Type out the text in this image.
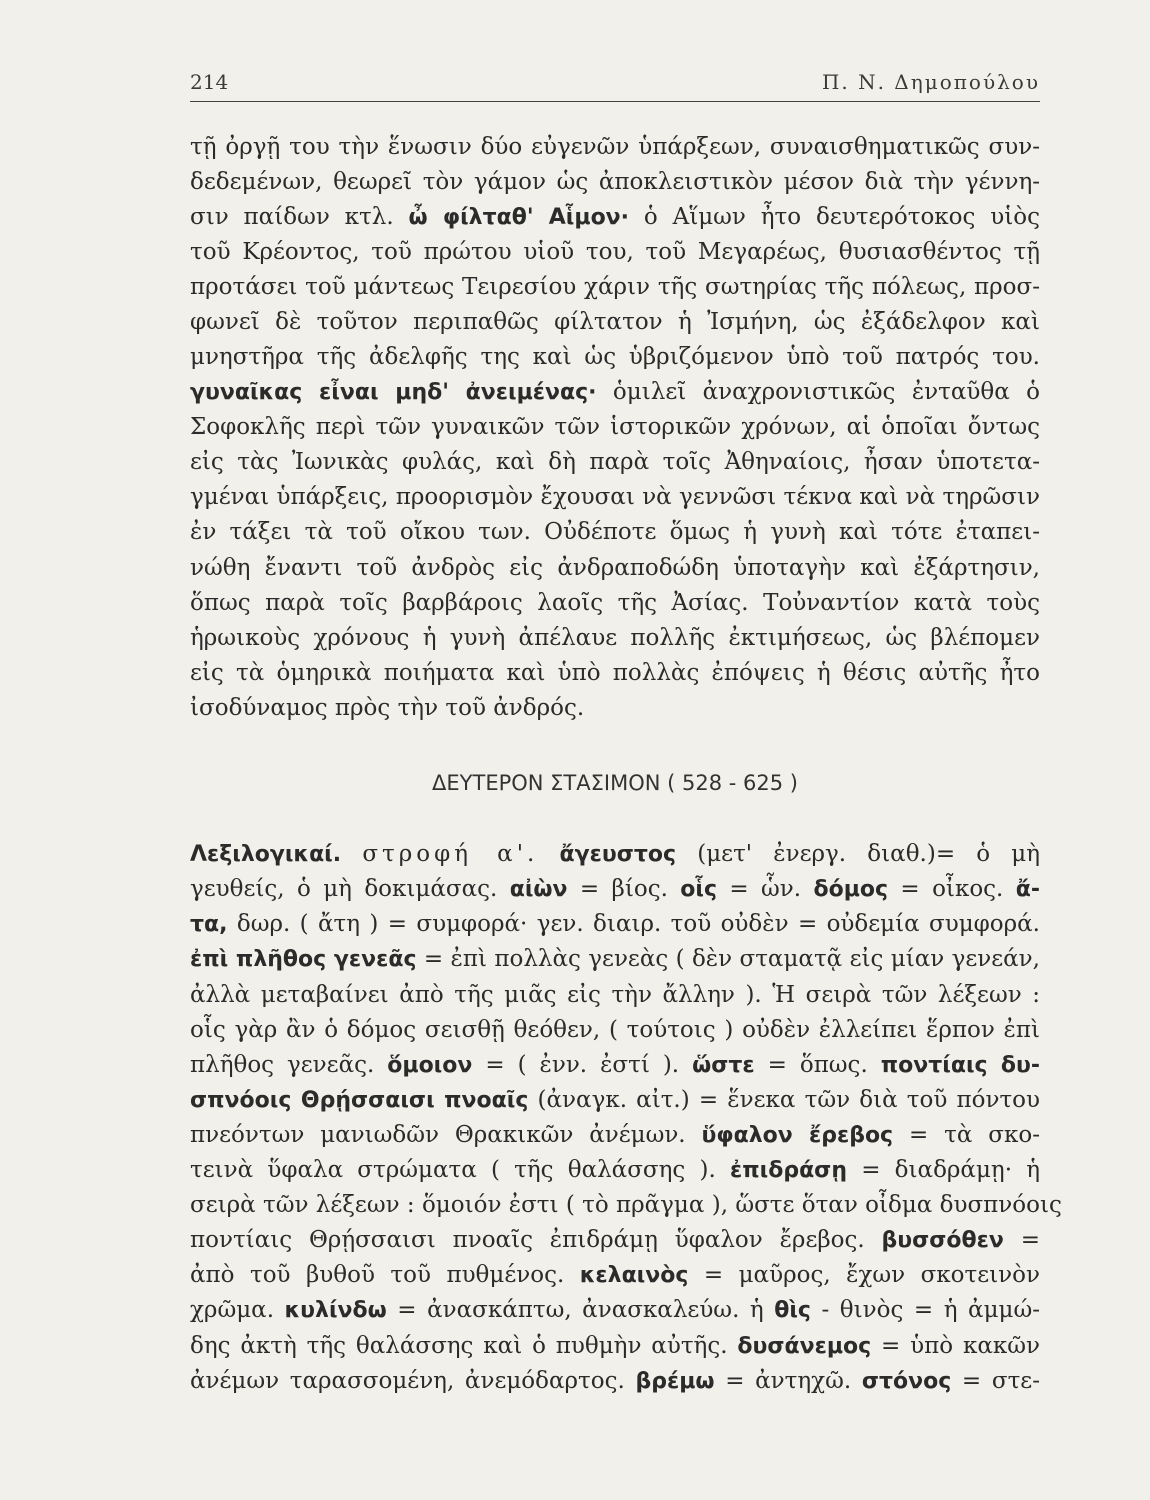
214	Π. Ν. Δημοπούλου
τῇ ὀργῇ του τὴν ἕνωσιν δύο εὐγενῶν ὑπάρξεων, συναισθηματικῶς συν-
δεδεμένων, θεωρεῖ τὸν γάμον ὡς ἀποκλειστικὸν μέσον διὰ τὴν γέννη-
σιν παίδων κτλ. ὦ φίλταθ' Αἷμον· ὁ Αἵμων ἦτο δευτερότοκος υἱὸς
τοῦ Κρέοντος, τοῦ πρώτου υἱοῦ του, τοῦ Μεγαρέως, θυσιασθέντος τῇ
προτάσει τοῦ μάντεως Τειρεσίου χάριν τῆς σωτηρίας τῆς πόλεως, προσ-
φωνεῖ δὲ τοῦτον περιπαθῶς φίλτατον ἡ Ἰσμήνη, ὡς ἐξάδελφον καὶ
μνηστῆρα τῆς ἀδελφῆς της καὶ ὡς ὑβριζόμενον ὑπὸ τοῦ πατρός του.
γυναῖκας εἶναι μηδ' ἀνειμένας· ὁμιλεῖ ἀναχρονιστικῶς ἐνταῦθα ὁ
Σοφοκλῆς περὶ τῶν γυναικῶν τῶν ἱστορικῶν χρόνων, αἱ ὁποῖαι ὄντως
εἰς τὰς Ἰωνικὰς φυλάς, καὶ δὴ παρὰ τοῖς Ἀθηναίοις, ἦσαν ὑποτετα-
γμέναι ὑπάρξεις, προορισμὸν ἔχουσαι νὰ γεννῶσι τέκνα καὶ νὰ τηρῶσιν
ἐν τάξει τὰ τοῦ οἴκου των. Οὐδέποτε ὅμως ἡ γυνὴ καὶ τότε ἐταπει-
νώθη ἔναντι τοῦ ἀνδρὸς εἰς ἀνδραποδώδη ὑποταγὴν καὶ ἐξάρτησιν,
ὅπως παρὰ τοῖς βαρβάροις λαοῖς τῆς Ἀσίας. Τοὐναντίον κατὰ τοὺς
ἡρωικοὺς χρόνους ἡ γυνὴ ἀπέλαυε πολλῆς ἐκτιμήσεως, ὡς βλέπομεν
εἰς τὰ ὁμηρικὰ ποιήματα καὶ ὑπὸ πολλὰς ἐπόψεις ἡ θέσις αὐτῆς ἦτο
ἰσοδύναμος πρὸς τὴν τοῦ ἀνδρός.
Λεξιλογικαί. στροφή α'. ἄγευστος (μετ' ἐνεργ. διαθ.)= ὁ μὴ
γευθείς, ὁ μὴ δοκιμάσας. αἰὼν = βίος. οἷς = ὧν. δόμος = οἶκος. ἄ-
τα, δωρ. ( ἄτη ) = συμφορά· γεν. διαιρ. τοῦ οὐδὲν = οὐδεμία συμφορά.
ἐπὶ πλῆθος γενεᾶς = ἐπὶ πολλὰς γενεὰς ( δὲν σταματᾷ εἰς μίαν γενεάν,
ἀλλὰ μεταβαίνει ἀπὸ τῆς μιᾶς εἰς τὴν ἄλλην ). Ἡ σειρὰ τῶν λέξεων :
οἷς γὰρ ἂν ὁ δόμος σεισθῇ θεόθεν, ( τούτοις ) οὐδὲν ἐλλείπει ἕρπον ἐπὶ
πλῆθος γενεᾶς. ὅμοιον = ( ἐνν. ἐστί ). ὥστε = ὅπως. ποντίαις δυ-
σπνόοις Θρῄσσαισι πνοαῖς (ἀναγκ. αἰτ.) = ἕνεκα τῶν διὰ τοῦ πόντου
πνεόντων μανιωδῶν Θρακικῶν ἀνέμων. ὕφαλον ἔρεβος = τὰ σκο-
τεινὰ ὕφαλα στρώματα ( τῆς θαλάσσης ). ἐπιδράσῃ = διαδράμῃ· ἡ
σειρὰ τῶν λέξεων : ὅμοιόν ἐστι ( τὸ πρᾶγμα ), ὥστε ὅταν οἶδμα δυσπνόοις
ποντίαις Θρῄσσαισι πνοαῖς ἐπιδράμῃ ὕφαλον ἔρεβος. βυσσόθεν =
ἀπὸ τοῦ βυθοῦ τοῦ πυθμένος. κελαινὸς = μαῦρος, ἔχων σκοτεινὸν
χρῶμα. κυλίνδω = ἀνασκάπτω, ἀνασκαλεύω. ἡ θὶς - θινὸς = ἡ ἀμμώ-
δης ἀκτὴ τῆς θαλάσσης καὶ ὁ πυθμὴν αὐτῆς. δυσάνεμος = ὑπὸ κακῶν
ἀνέμων ταρασσομένη, ἀνεμόδαρτος. βρέμω = ἀντηχῶ. στόνος = στε-
ΔΕΥΤΕΡΟΝ ΣΤΑΣΙΜΟΝ ( 528 - 625 )
